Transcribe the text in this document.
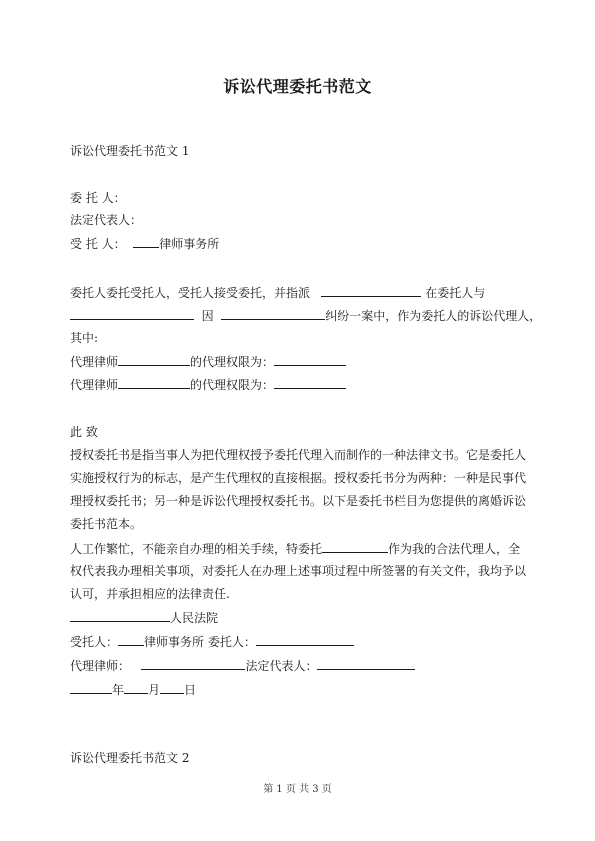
诉讼代理委托书范文
诉讼代理委托书范文 1
委 托 人：
法定代表人：
受 托 人：	律师事务所
委托人委托受托人，受托人接受委托，并指派	在委托人与
因	纠纷一案中，作为委托人的诉讼代理人，
其中:
代理律师	的代理权限为：
代理律师	的代理权限为：
此 致
授权委托书是指当事人为把代理权授予委托代理入而制作的一种法律文书。它是委托人
实施授权行为的标志，是产生代理权的直接根据。授权委托书分为两种：一种是民事代
理授权委托书；另一种是诉讼代理授权委托书。以下是委托书栏目为您提供的离婚诉讼
委托书范本。
人工作繁忙，不能亲自办理的相关手续，特委托	作为我的合法代理人，全
权代表我办理相关事项，对委托人在办理上述事项过程中所签署的有关文件，我均予以
认可，并承担相应的法律责任.
人民法院
受托人： 律师事务所 委托人：
代理律师：	法定代表人：
年 月 日
诉讼代理委托书范文 2
第 1 页 共 3 页
